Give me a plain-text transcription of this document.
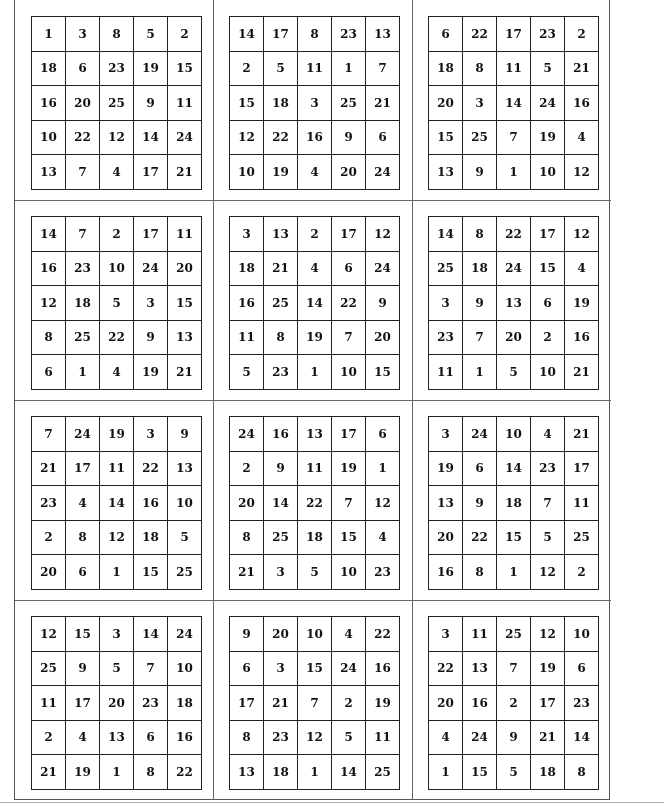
1	3	8	5	2
18	6	23	19	15
16	20	25	9	11
10	22	12	14	24
13	7	4	17	21
14	17	8	23	13
2	5	11	1	7
15	18	3	25	21
12	22	16	9	6
10	19	4	20	24
6	22	17	23	2
18	8	11	5	21
20	3	14	24	16
15	25	7	19	4
13	9	1	10	12
14	7	2	17	11
16	23	10	24	20
12	18	5	3	15
8	25	22	9	13
6	1	4	19	21
3	13	2	17	12
18	21	4	6	24
16	25	14	22	9
11	8	19	7	20
5	23	1	10	15
14	8	22	17	12
25	18	24	15	4
3	9	13	6	19
23	7	20	2	16
11	1	5	10	21
7	24	19	3	9
21	17	11	22	13
23	4	14	16	10
2	8	12	18	5
20	6	1	15	25
24	16	13	17	6
2	9	11	19	1
20	14	22	7	12
8	25	18	15	4
21	3	5	10	23
3	24	10	4	21
19	6	14	23	17
13	9	18	7	11
20	22	15	5	25
16	8	1	12	2
12	15	3	14	24
25	9	5	7	10
11	17	20	23	18
2	4	13	6	16
21	19	1	8	22
9	20	10	4	22
6	3	15	24	16
17	21	7	2	19
8	23	12	5	11
13	18	1	14	25
3	11	25	12	10
22	13	7	19	6
20	16	2	17	23
4	24	9	21	14
1	15	5	18	8
